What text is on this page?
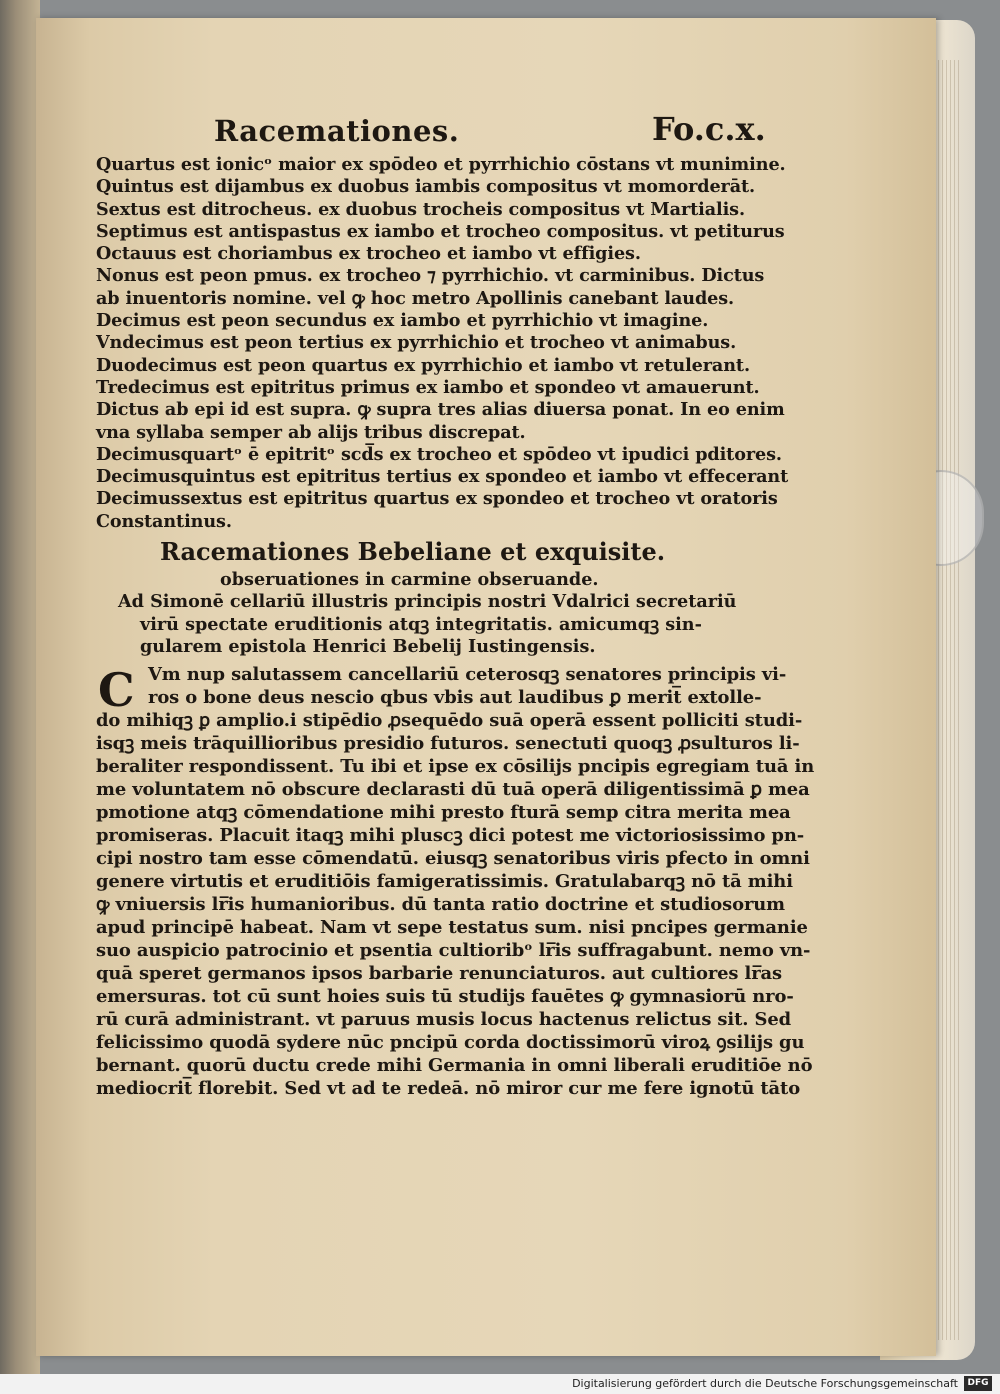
Racemationes.	Fo.c.x.
Quartus est ionicᵒ maior ex spōdeo et pyrrhichio cōstans vt munimine.
Quintus est dijambus ex duobus iambis compositus vt momorderāt.
Sextus est ditrocheus. ex duobus trocheis compositus vt Martialis.
Septimus est antispastus ex iambo et trocheo compositus. vt petiturus
Octauus est choriambus ex trocheo et iambo vt effigies.
Nonus est peon pmus. ex trocheo ⁊ pyrrhichio. vt carminibus. Dictus
ab inuentoris nomine. vel ꝙ hoc metro Apollinis canebant laudes.
Decimus est peon secundus ex iambo et pyrrhichio vt imagine.
Vndecimus est peon tertius ex pyrrhichio et trocheo vt animabus.
Duodecimus est peon quartus ex pyrrhichio et iambo vt retulerant.
Tredecimus est epitritus primus ex iambo et spondeo vt amauerunt.
Dictus ab epi id est supra. ꝙ supra tres alias diuersa ponat. In eo enim
vna syllaba semper ab alijs tribus discrepat.
Decimusquartᵒ ē epitritᵒ scd̅s ex trocheo et spōdeo vt ipudici pditores.
Decimusquintus est epitritus tertius ex spondeo et iambo vt effecerant
Decimussextus est epitritus quartus ex spondeo et trocheo vt oratoris
Constantinus.
Racemationes Bebeliane et exquisite.
obseruationes in carmine obseruande.
Ad Simonē cellariū illustris principis nostri Vdalrici secretariū
virū spectate eruditionis atqꝫ integritatis. amicumqꝫ sin-
gularem epistola Henrici Bebelij Iustingensis.
C Vm nup salutassem cancellariū ceterosqꝫ senatores principis vi-
ros o bone deus nescio qbus vbis aut laudibus ꝑ merit̅ extolle-
do mihiqꝫ ꝑ amplio.i stipēdio ꝓsequēdo suā operā essent polliciti studi-
isqꝫ meis trāquillioribus presidio futuros. senectuti quoqꝫ ꝓsulturos li-
beraliter respondissent. Tu ibi et ipse ex cōsilijs pncipis egregiam tuā in
me voluntatem nō obscure declarasti dū tuā operā diligentissimā ꝑ mea
pmotione atqꝫ cōmendatione mihi presto fturā semp citra merita mea
promiseras. Placuit itaqꝫ mihi pluscꝫ dici potest me victoriosissimo pn-
cipi nostro tam esse cōmendatū. eiusqꝫ senatoribus viris pfecto in omni
genere virtutis et eruditiōis famigeratissimis. Gratulabarqꝫ nō tā mihi
ꝙ vniuersis lr̅is humanioribus. dū tanta ratio doctrine et studiosorum
apud principē habeat. Nam vt sepe testatus sum. nisi pncipes germanie
suo auspicio patrocinio et psentia cultioribᵒ lr̅is suffragabunt. nemo vn-
quā speret germanos ipsos barbarie renunciaturos. aut cultiores lr̅as
emersuras. tot cū sunt hoies suis tū studijs fauētes ꝙ gymnasiorū nro-
rū curā administrant. vt paruus musis locus hactenus relictus sit. Sed
felicissimo quodā sydere nūc pncipū corda doctissimorū viroꝝ ꝯsilijs gu
bernant. quorū ductu crede mihi Germania in omni liberali eruditiōe nō
mediocrit̅ florebit. Sed vt ad te redeā. nō miror cur me fere ignotū tāto
Digitalisierung gefördert durch die Deutsche Forschungsgemeinschaft	DFG
